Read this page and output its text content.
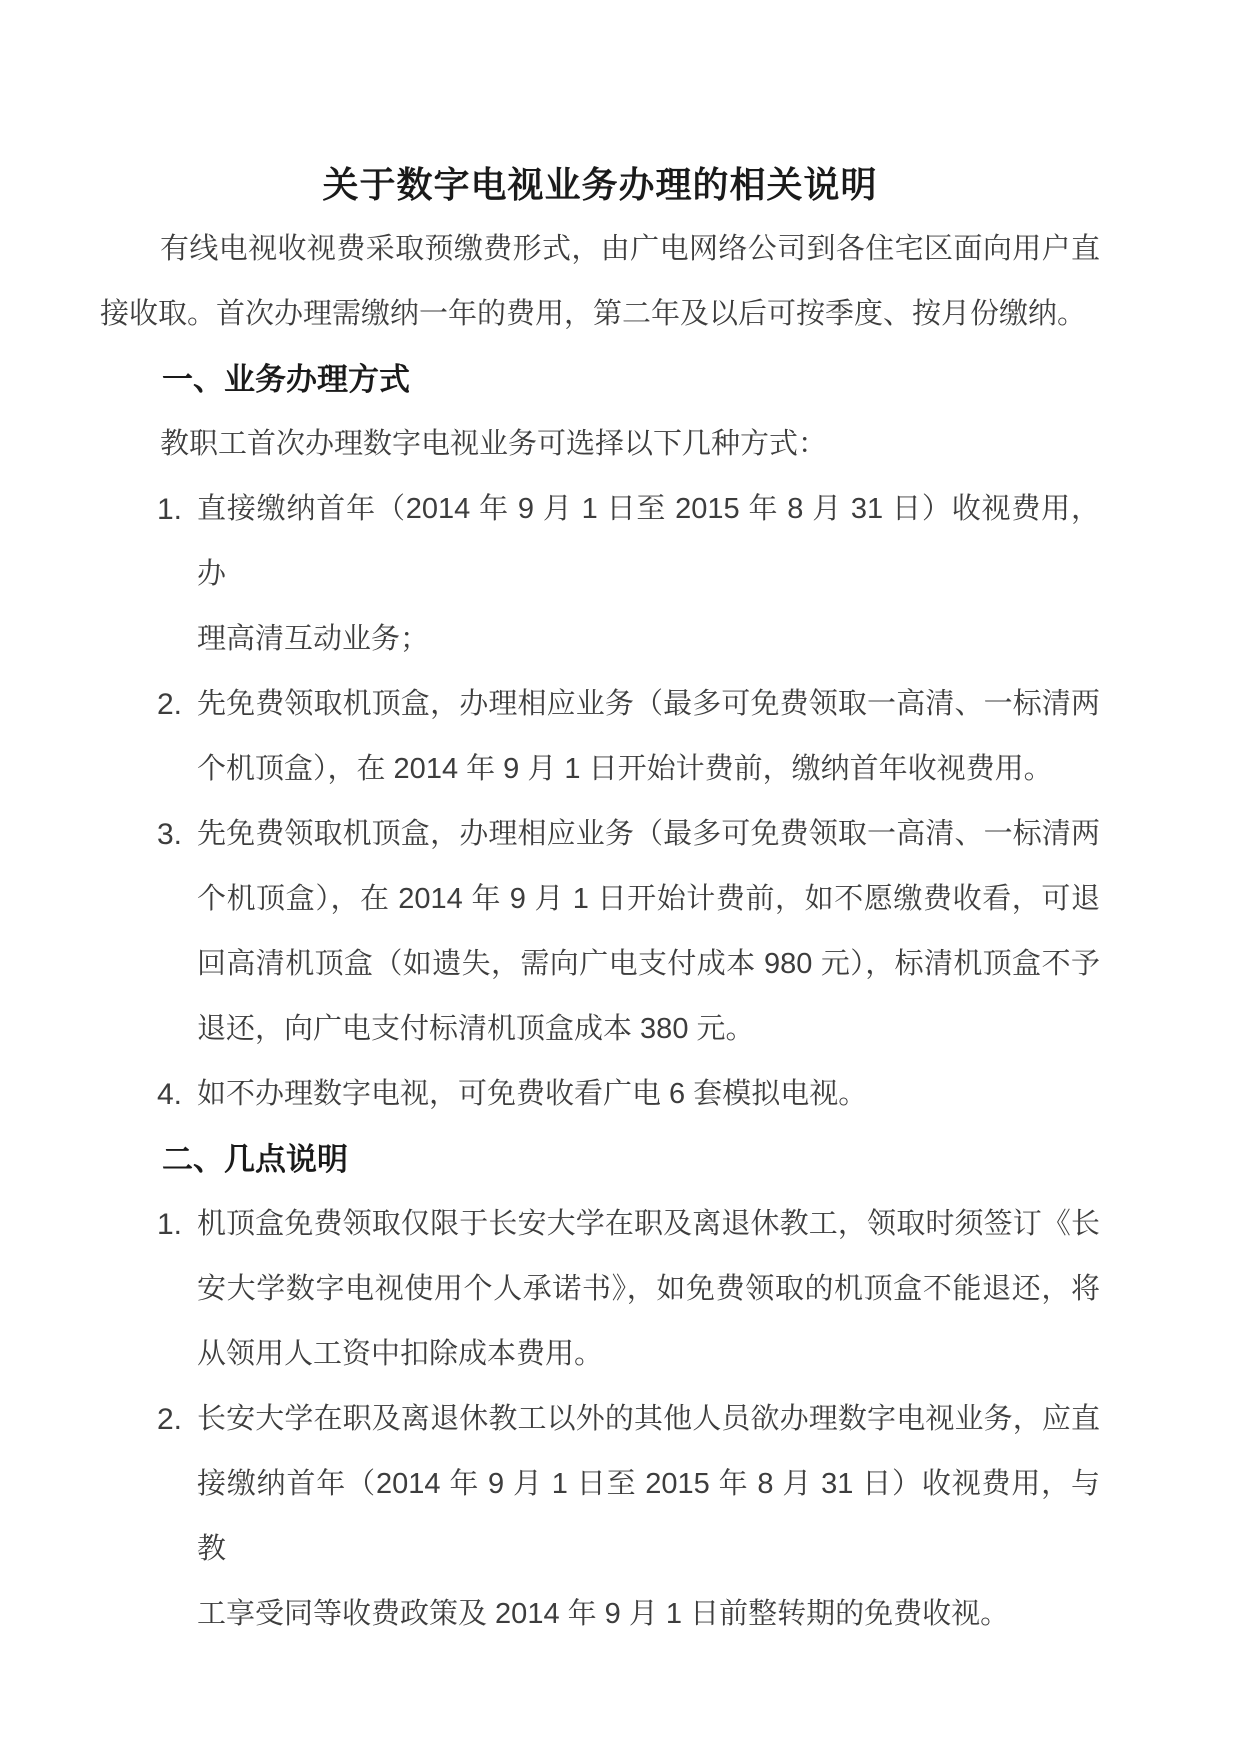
关于数字电视业务办理的相关说明

有线电视收视费采取预缴费形式，由广电网络公司到各住宅区面向用户直

接收取。首次办理需缴纳一年的费用，第二年及以后可按季度、按月份缴纳。

一、业务办理方式

教职工首次办理数字电视业务可选择以下几种方式：

1. 直接缴纳首年（2014 年 9 月 1 日至 2015 年 8 月 31 日）收视费用，办

理高清互动业务；

2. 先免费领取机顶盒，办理相应业务（最多可免费领取一高清、一标清两

个机顶盒），在 2014 年 9 月 1 日开始计费前，缴纳首年收视费用。

3. 先免费领取机顶盒，办理相应业务（最多可免费领取一高清、一标清两

个机顶盒），在 2014 年 9 月 1 日开始计费前，如不愿缴费收看，可退

回高清机顶盒（如遗失，需向广电支付成本 980 元），标清机顶盒不予

退还，向广电支付标清机顶盒成本 380 元。

4. 如不办理数字电视，可免费收看广电 6 套模拟电视。

二、几点说明
1. 机顶盒免费领取仅限于长安大学在职及离退休教工，领取时须签订《长

安大学数字电视使用个人承诺书》，如免费领取的机顶盒不能退还，将

从领用人工资中扣除成本费用。

2. 长安大学在职及离退休教工以外的其他人员欲办理数字电视业务，应直

接缴纳首年（2014 年 9 月 1 日至 2015 年 8 月 31 日）收视费用，与教

工享受同等收费政策及 2014 年 9 月 1 日前整转期的免费收视。
